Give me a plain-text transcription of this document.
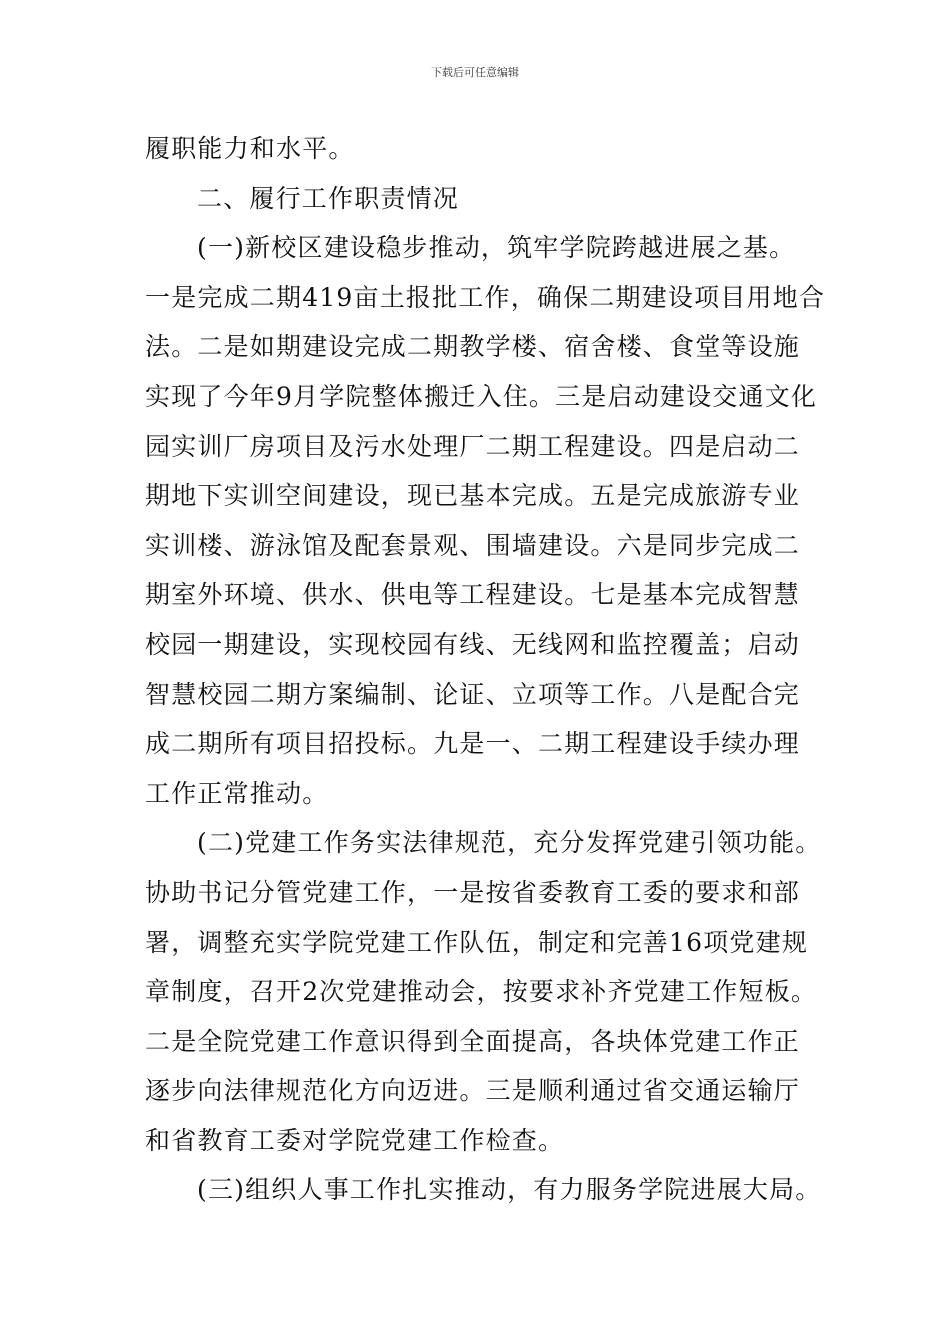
下载后可任意编辑
履职能力和水平。
二、履行工作职责情况
(一)新校区建设稳步推动，筑牢学院跨越进展之基。
一是完成二期419亩土报批工作，确保二期建设项目用地合
法。二是如期建设完成二期教学楼、宿舍楼、食堂等设施
实现了今年9月学院整体搬迁入住。三是启动建设交通文化
园实训厂房项目及污水处理厂二期工程建设。四是启动二
期地下实训空间建设，现已基本完成。五是完成旅游专业
实训楼、游泳馆及配套景观、围墙建设。六是同步完成二
期室外环境、供水、供电等工程建设。七是基本完成智慧
校园一期建设，实现校园有线、无线网和监控覆盖；启动
智慧校园二期方案编制、论证、立项等工作。八是配合完
成二期所有项目招投标。九是一、二期工程建设手续办理
工作正常推动。
(二)党建工作务实法律规范，充分发挥党建引领功能。
协助书记分管党建工作，一是按省委教育工委的要求和部
署，调整充实学院党建工作队伍，制定和完善16项党建规
章制度，召开2次党建推动会，按要求补齐党建工作短板。
二是全院党建工作意识得到全面提高，各块体党建工作正
逐步向法律规范化方向迈进。三是顺利通过省交通运输厅
和省教育工委对学院党建工作检查。
(三)组织人事工作扎实推动，有力服务学院进展大局。
